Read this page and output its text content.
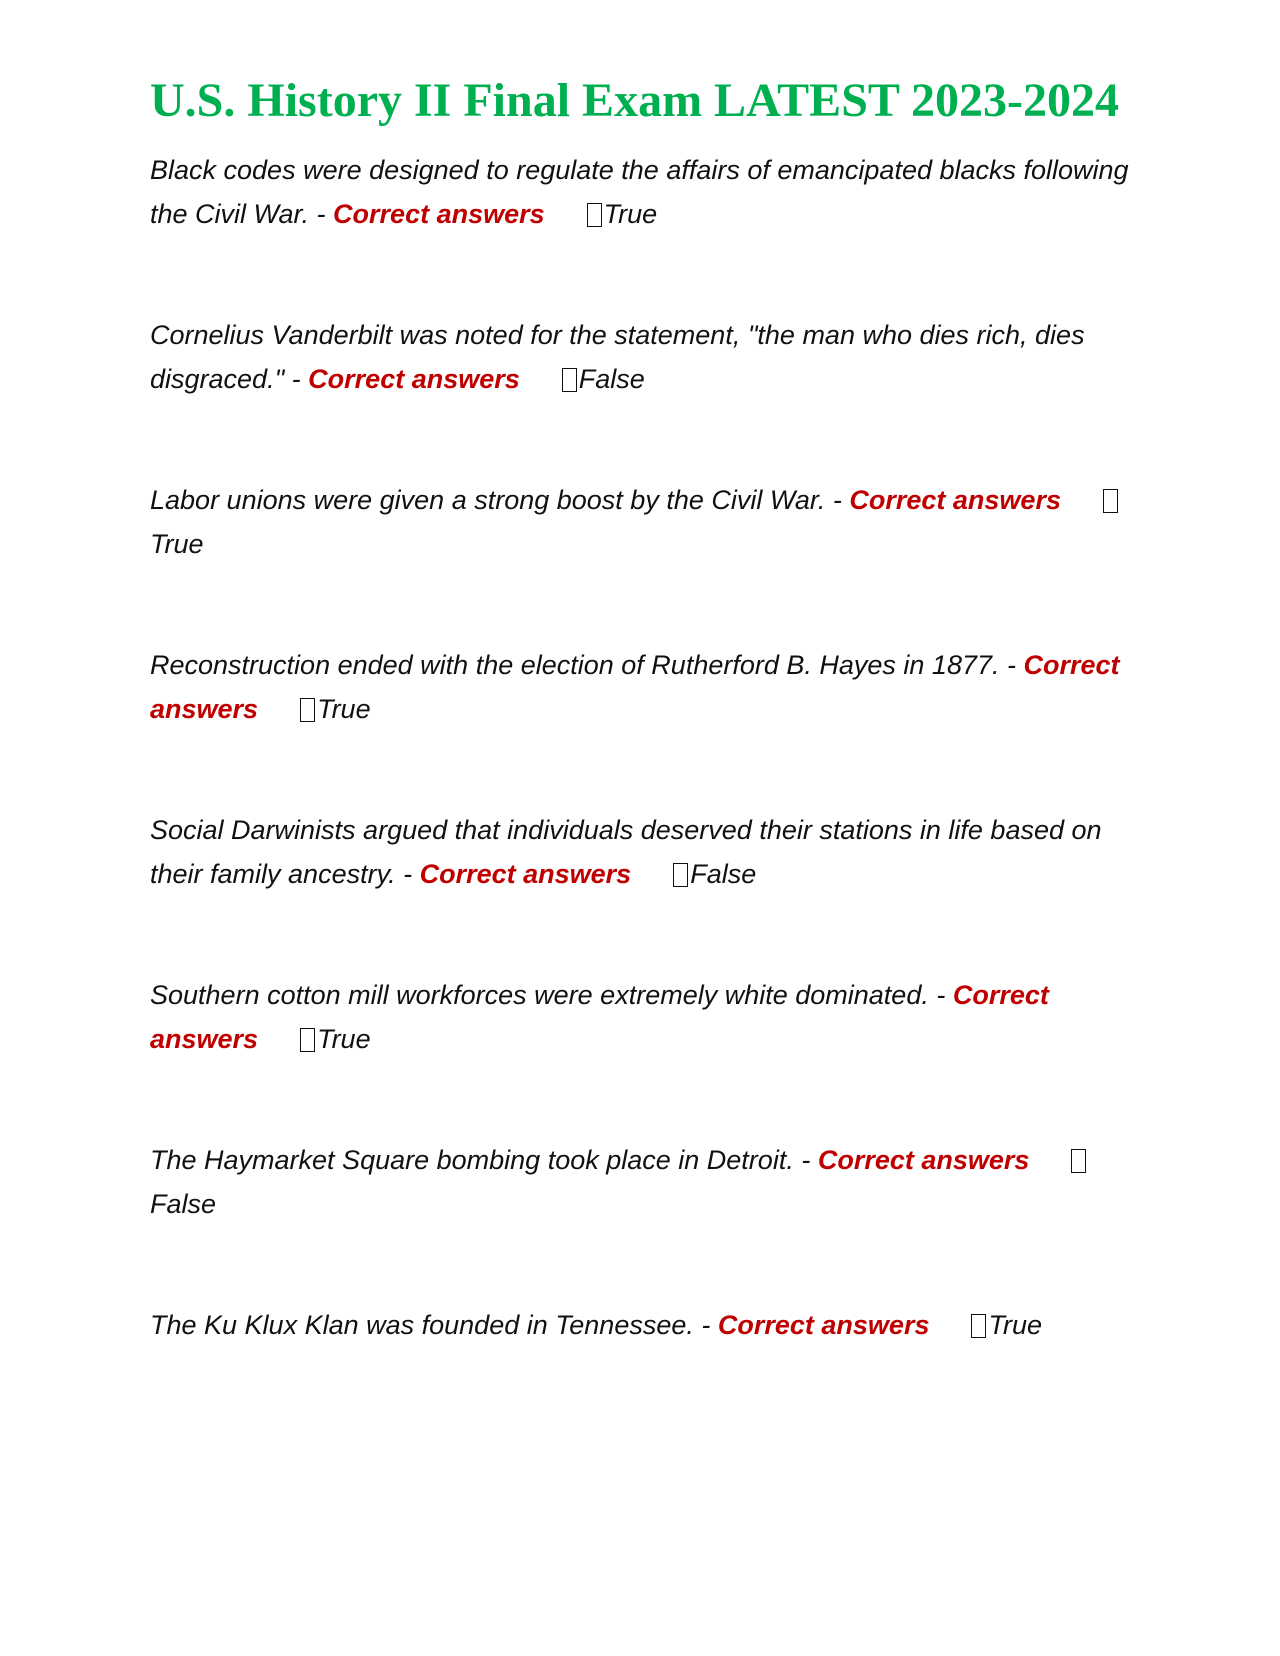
U.S. History II Final Exam LATEST 2023-2024

Black codes were designed to regulate the affairs of emancipated blacks following the Civil War. - Correct answers True

Cornelius Vanderbilt was noted for the statement, "the man who dies rich, dies disgraced." - Correct answers False

Labor unions were given a strong boost by the Civil War. - Correct answersTrue

Reconstruction ended with the election of Rutherford B. Hayes in 1877. - Correct answers True

Social Darwinists argued that individuals deserved their stations in life based on their family ancestry. - Correct answers False

Southern cotton mill workforces were extremely white dominated. - Correct answers True

The Haymarket Square bombing took place in Detroit. - Correct answersFalse

The Ku Klux Klan was founded in Tennessee. - Correct answers True
